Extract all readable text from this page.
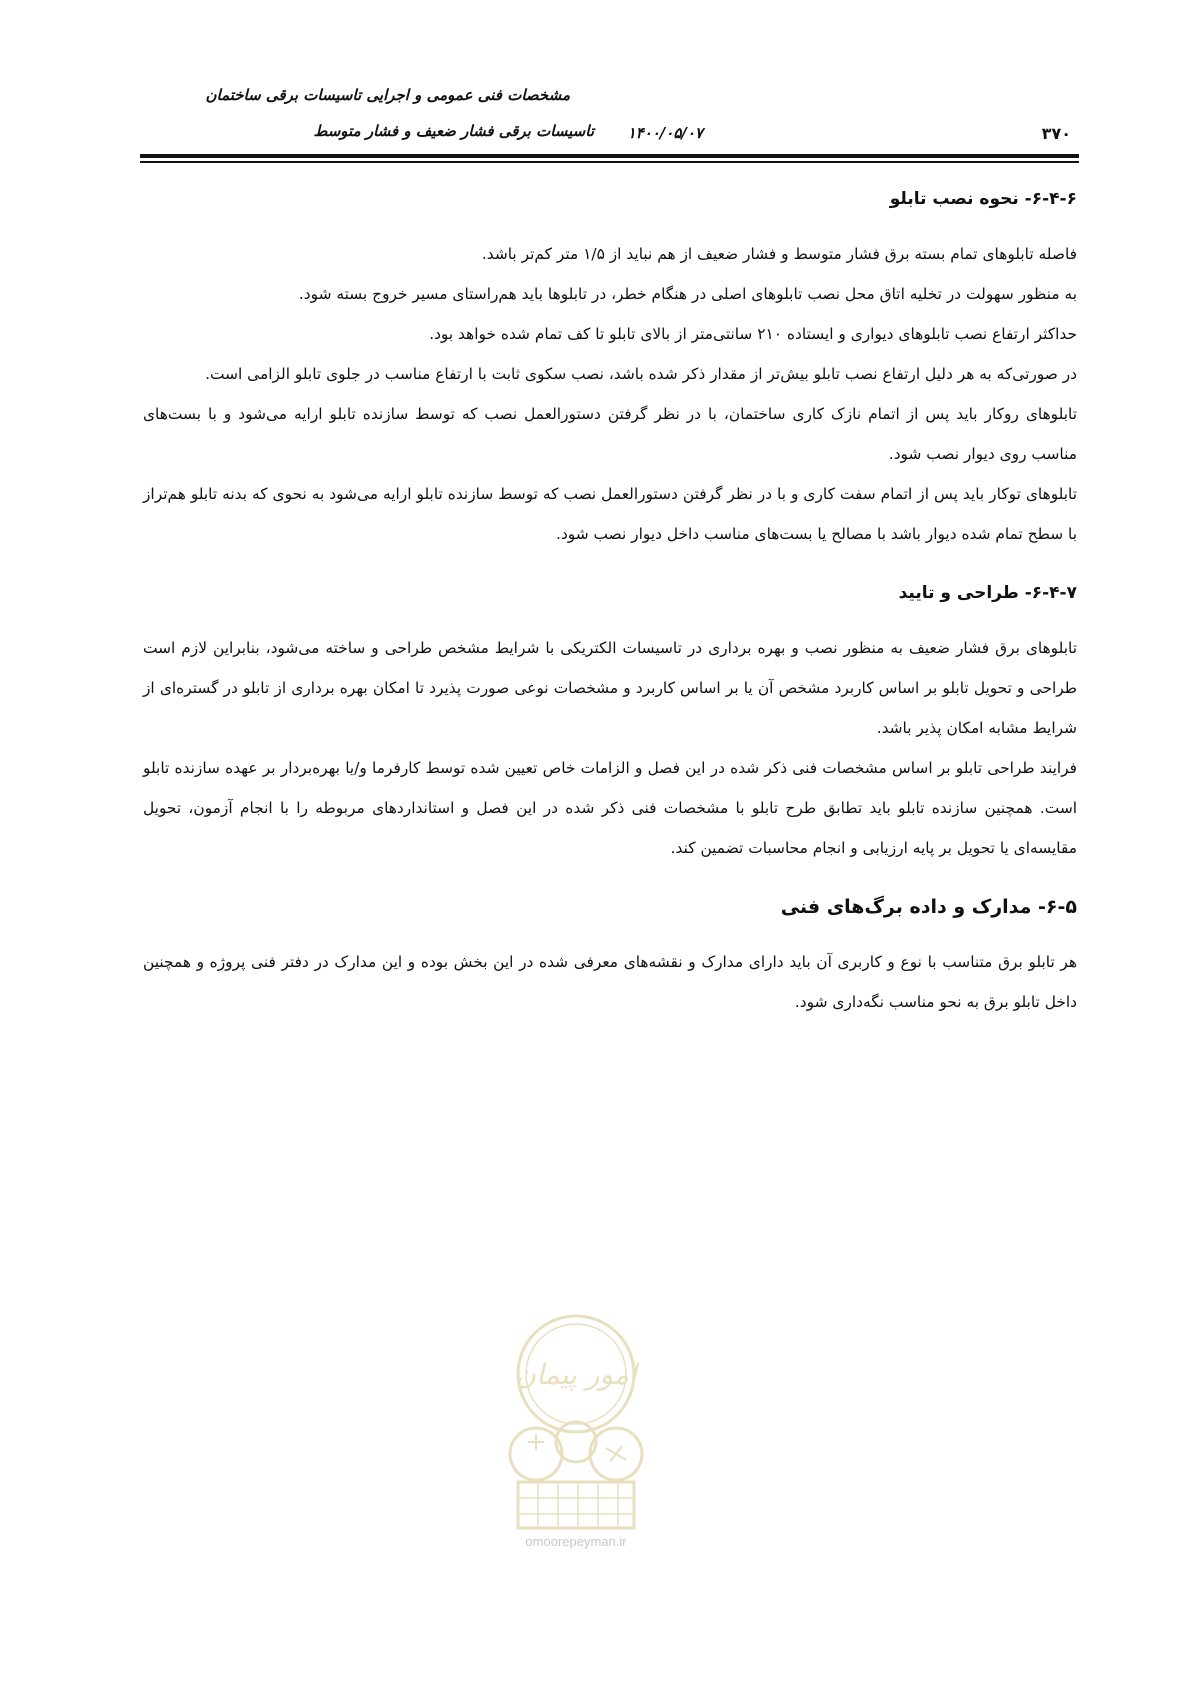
مشخصات فنی عمومی و اجرایی تاسیسات برقی ساختمان
تاسیسات برقی فشار ضعیف و فشار متوسط	۱۴۰۰/۰۵/۰۷	۳۷۰
۶-۴-۶- نحوه نصب تابلو

فاصله تابلوهای تمام بسته برق فشار متوسط و فشار ضعیف از هم نباید از ۱/۵ متر کم‌تر باشد.

به منظور سهولت در تخلیه اتاق محل نصب تابلوهای اصلی در هنگام خطر، در تابلوها باید هم‌راستای مسیر خروج بسته شود.

حداکثر ارتفاع نصب تابلوهای دیواری و ایستاده ۲۱۰ سانتی‌متر از بالای تابلو تا کف تمام شده خواهد بود.

در صورتی‌که به هر دلیل ارتفاع نصب تابلو بیش‌تر از مقدار ذکر شده باشد، نصب سکوی ثابت با ارتفاع مناسب در جلوی تابلو الزامی است.

تابلوهای روکار باید پس از اتمام نازک کاری ساختمان، با در نظر گرفتن دستورالعمل نصب که توسط سازنده تابلو ارایه می‌شود و با بست‌های مناسب روی دیوار نصب شود.

تابلوهای توکار باید پس از اتمام سفت کاری و با در نظر گرفتن دستورالعمل نصب که توسط سازنده تابلو ارایه می‌شود به نحوی که بدنه تابلو هم‌تراز با سطح تمام شده دیوار باشد با مصالح یا بست‌های مناسب داخل دیوار نصب شود.

۶-۴-۷- طراحی و تایید

تابلوهای برق فشار ضعیف به منظور نصب و بهره برداری در تاسیسات الکتریکی با شرایط مشخص طراحی و ساخته می‌شود، بنابراین لازم است طراحی و تحویل تابلو بر اساس کاربرد مشخص آن یا بر اساس کاربرد و مشخصات نوعی صورت پذیرد تا امکان بهره برداری از تابلو در گستره‌ای از شرایط مشابه امکان پذیر باشد.

فرایند طراحی تابلو بر اساس مشخصات فنی ذکر شده در این فصل و الزامات خاص تعیین شده توسط کارفرما و/یا بهره‌بردار بر عهده سازنده تابلو است. همچنین سازنده تابلو باید تطابق طرح تابلو با مشخصات فنی ذکر شده در این فصل و استانداردهای مربوطه را با انجام آزمون، تحویل مقایسه‌ای یا تحویل بر پایه ارزیابی و انجام محاسبات تضمین کند.

۶-۵- مدارک و داده برگ‌های فنی

هر تابلو برق متناسب با نوع و کاربری آن باید دارای مدارک و نقشه‌های معرفی شده در این بخش بوده و این مدارک در دفتر فنی پروژه و همچنین داخل تابلو برق به نحو مناسب نگه‌داری شود.

امور پیمان
omoorepeyman.ir
